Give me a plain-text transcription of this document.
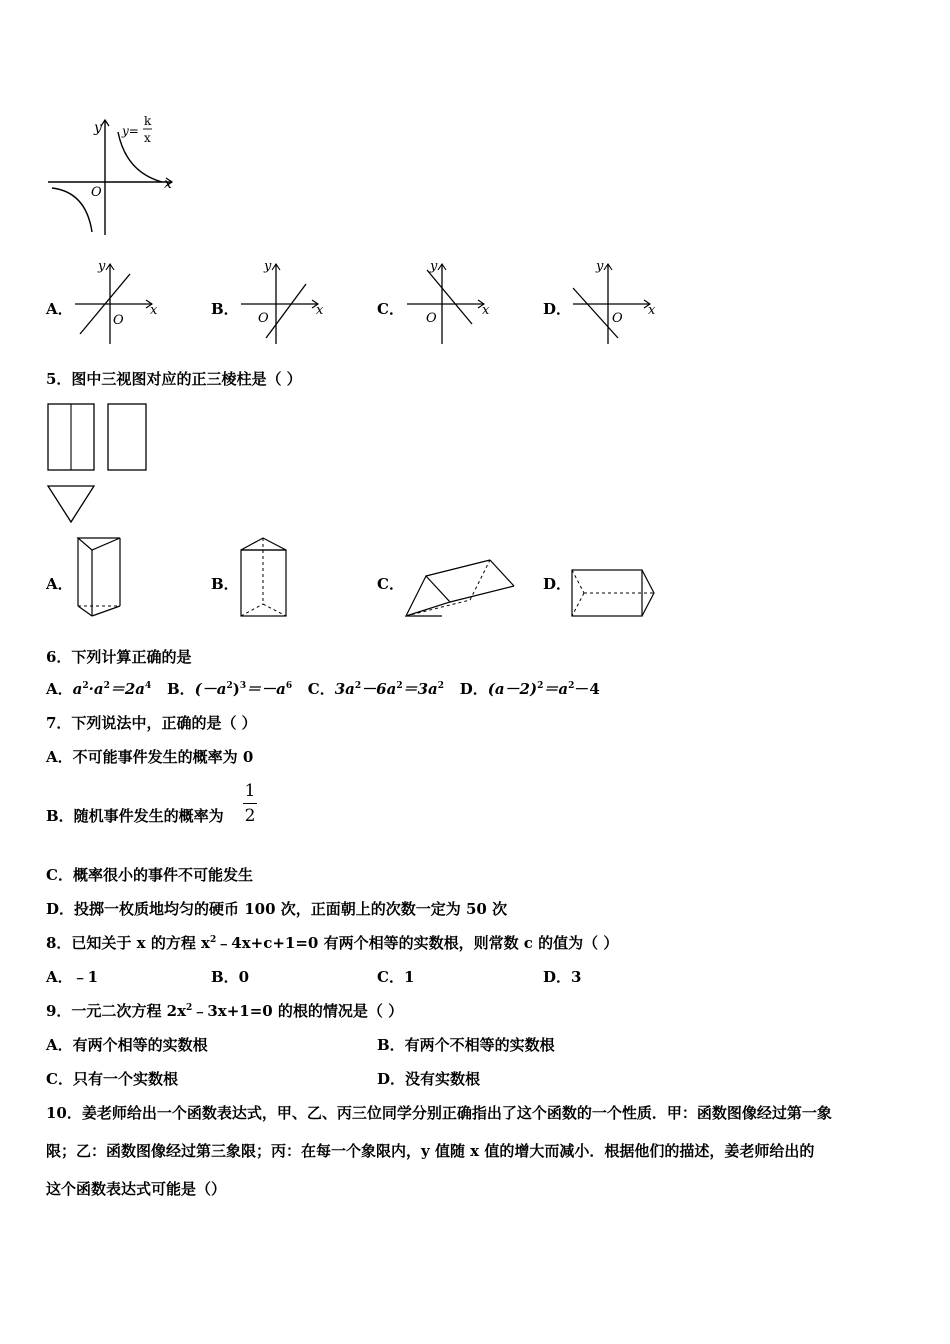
y
x
O
y=
k
x
A．	B．	C．	D．
y
x
O
y
x
O
y
x
O
y
x
O
5．图中三视图对应的正三棱柱是（ ）
A．	B．	C．	D．
6．下列计算正确的是
A．$a^2\cdot a^2=2a^4$ B．$(-a^2)^3=-a^6$ C．$3a^2-6a^2=3a^2$ D．$(a-2)^2=a^2-4$
7．下列说法中，正确的是（ ）
A．不可能事件发生的概率为 0
B．随机事件发生的概率为
1
2
C．概率很小的事件不可能发生
D．投掷一枚质地均匀的硬币 100 次，正面朝上的次数一定为 50 次
8．已知关于 x 的方程 $x^2﹣4x+c+1=0$ 有两个相等的实数根，则常数 c 的值为（ ）
A．﹣1	B．0	C．1	D．3
9．一元二次方程 $2x^2﹣3x+1=0$ 的根的情况是（ ）
A．有两个相等的实数根	B．有两个不相等的实数根
C．只有一个实数根	D．没有实数根
10．姜老师给出一个函数表达式，甲、乙、丙三位同学分别正确指出了这个函数的一个性质．甲：函数图像经过第一象
限；乙：函数图像经过第三象限；丙：在每一个象限内，y 值随 x 值的增大而减小．根据他们的描述，姜老师给出的
这个函数表达式可能是（）
